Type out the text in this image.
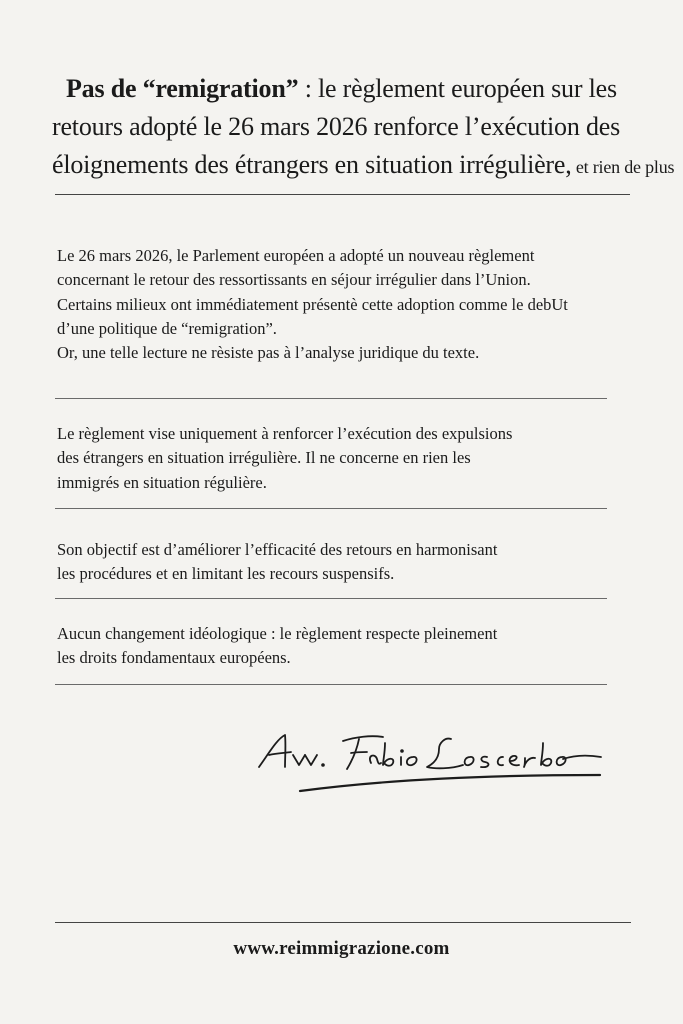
Pas de “remigration” : le règlement européen sur les
retours adopté le 26 mars 2026 renforce l’exécution des
éloignements des étrangers en situation irrégulière, et rien de plus
Le 26 mars 2026, le Parlement européen a adopté un nouveau règlement
concernant le retour des ressortissants en séjour irrégulier dans l’Union.
Certains milieux ont immédiatement présentè cette adoption comme le debUt
d’une politique de “remigration”.
Or, une telle lecture ne rèsiste pas à l’analyse juridique du texte.
Le règlement vise uniquement à renforcer l’exécution des expulsions
des étrangers en situation irrégulière. Il ne concerne en rien les
immigrés en situation régulière.
Son objectif est d’améliorer l’efficacité des retours en harmonisant
les procédures et en limitant les recours suspensifs.
Aucun changement idéologique : le règlement respecte pleinement
les droits fondamentaux européens.
www.reimmigrazione.com
